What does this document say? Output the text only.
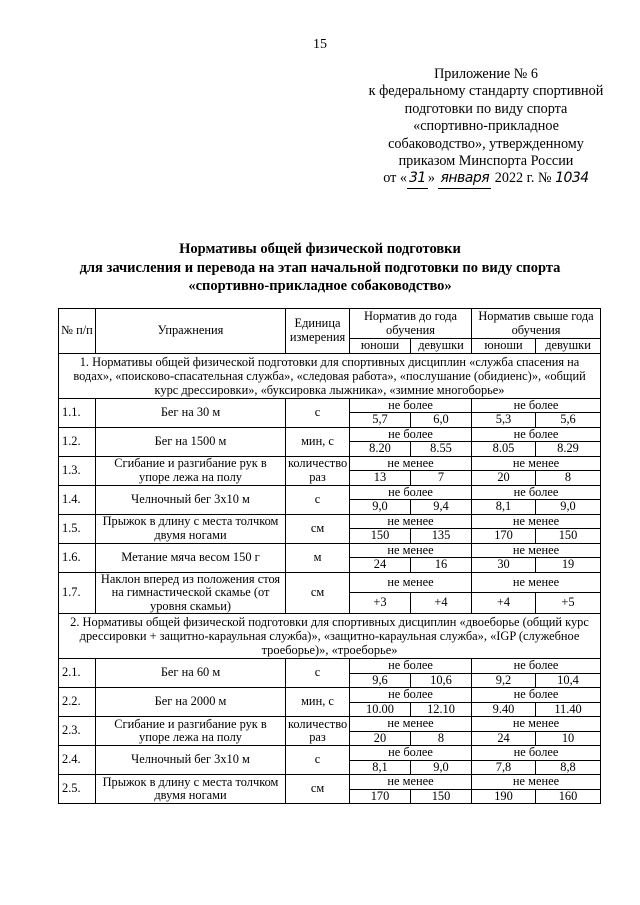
15
Приложение № 6
к федеральному стандарту спортивной
подготовки по виду спорта
«спортивно-прикладное
собаководство», утвержденному
приказом Минспорта России
от « 31 » января 2022 г. № 1034
Нормативы общей физической подготовки
для зачисления и перевода на этап начальной подготовки по виду спорта
«спортивно-прикладное собаководство»
№ п/п	Упражнения	Единица измерения	Норматив до года обучения		Норматив свыше года обучения	
			юноши	девушки	юноши	девушки
1. Нормативы общей физической подготовки для спортивных дисциплин «служба спасения на водах», «поисково-спасательная служба», «следовая работа», «послушание (обидиенс)», «общий курс дрессировки», «буксировка лыжника», «зимние многоборье»						
1.1.	Бег на 30 м	с	не более		не более	
			5,7	6,0	5,3	5,6
1.2.	Бег на 1500 м	мин, с	не более		не более	
			8.20	8.55	8.05	8.29
1.3.	Сгибание и разгибание рук в упоре лежа на полу	количество раз	не менее		не менее	
			13	7	20	8
1.4.	Челночный бег 3х10 м	с	не более		не более	
			9,0	9,4	8,1	9,0
1.5.	Прыжок в длину с места толчком двумя ногами	см	не менее		не менее	
			150	135	170	150
1.6.	Метание мяча весом 150 г	м	не менее		не менее	
			24	16	30	19
1.7.	Наклон вперед из положения стоя на гимнастической скамье (от уровня скамьи)	см	не менее		не менее	
			+3	+4	+4	+5
2. Нормативы общей физической подготовки для спортивных дисциплин «двоеборье (общий курс дрессировки + защитно-караульная служба)», «защитно-караульная служба», «IGP (служебное троеборье)», «троеборье»						
2.1.	Бег на 60 м	с	не более		не более	
			9,6	10,6	9,2	10,4
2.2.	Бег на 2000 м	мин, с	не более		не более	
			10.00	12.10	9.40	11.40
2.3.	Сгибание и разгибание рук в упоре лежа на полу	количество раз	не менее		не менее	
			20	8	24	10
2.4.	Челночный бег 3х10 м	с	не более		не более	
			8,1	9,0	7,8	8,8
2.5.	Прыжок в длину с места толчком двумя ногами	см	не менее		не менее	
			170	150	190	160
